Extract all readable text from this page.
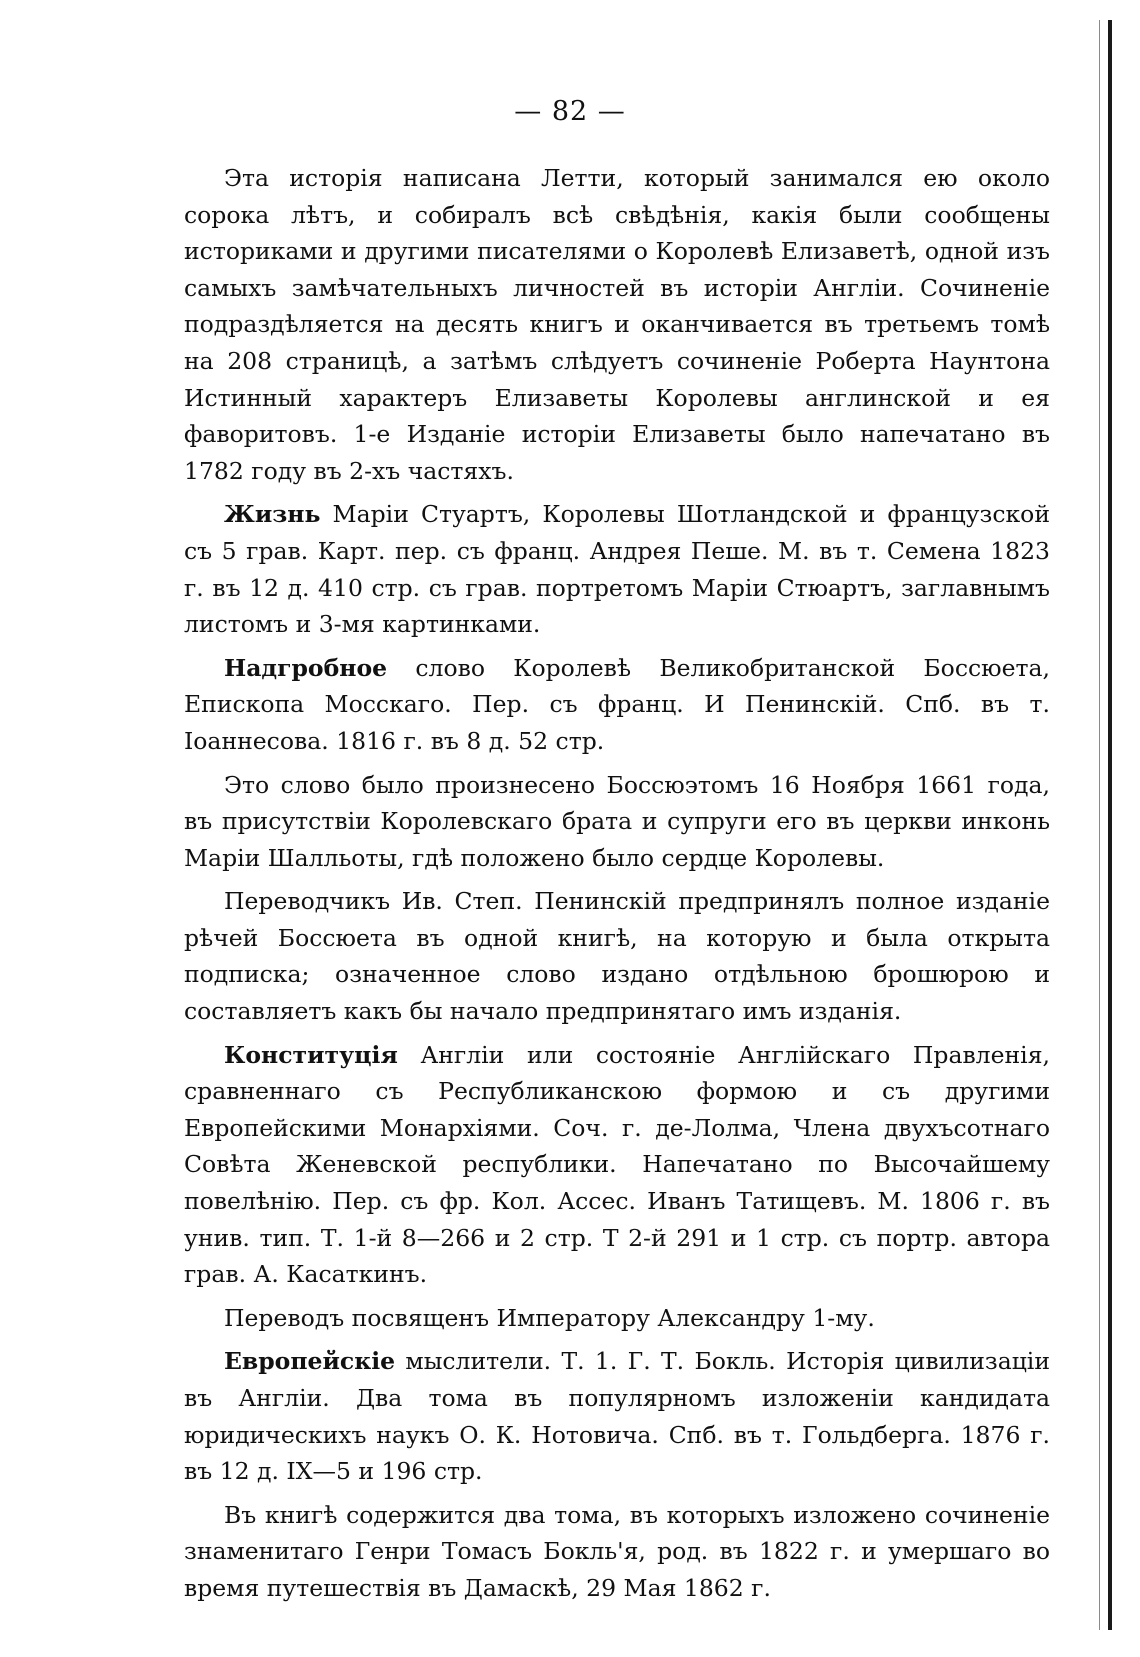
— 82 —

Эта исторія написана Летти, который занимался ею около сорока лѣтъ, и собиралъ всѣ свѣдѣнія, какія были сообщены историками и другими писателями о Королевѣ Елизаветѣ, одной изъ самыхъ замѣчательныхъ личностей въ исторіи Англіи. Сочиненіе подраздѣляется на десять книгъ и оканчивается въ третьемъ томѣ на 208 страницѣ, а затѣмъ слѣдуетъ сочиненіе Роберта Наунтона Истинный характеръ Елизаветы Королевы англинской и ея фаворитовъ. 1-е Изданіе исторіи Елизаветы было напечатано въ 1782 году въ 2-хъ частяхъ.

Жизнь Маріи Стуартъ, Королевы Шотландской и французской съ 5 грав. Карт. пер. съ франц. Андрея Пеше. М. въ т. Семена 1823 г. въ 12 д. 410 стр. съ грав. портретомъ Маріи Стюартъ, заглавнымъ листомъ и 3-мя картинками.

Надгробное слово Королевѣ Великобританской Боссюета, Епископа Мосскаго. Пер. съ франц. И Пенинскій. Спб. въ т. Іоаннесова. 1816 г. въ 8 д. 52 стр.

Это слово было произнесено Боссюэтомъ 16 Ноября 1661 года, въ присутствіи Королевскаго брата и супруги его въ церкви инконь Маріи Шалльоты, гдѣ положено было сердце Королевы.

Переводчикъ Ив. Степ. Пенинскій предпринялъ полное изданіе рѣчей Боссюета въ одной книгѣ, на которую и была открыта подписка; означенное слово издано отдѣльною брошюрою и составляетъ какъ бы начало предпринятаго имъ изданія.

Конституція Англіи или состояніе Англійскаго Правленія, сравненнаго съ Республиканскою формою и съ другими Европейскими Монархіями. Соч. г. де-Лолма, Члена двухъсотнаго Совѣта Женевской республики. Напечатано по Высочайшему повелѣнію. Пер. съ фр. Кол. Ассес. Иванъ Татищевъ. М. 1806 г. въ унив. тип. Т. 1-й 8—266 и 2 стр. Т 2-й 291 и 1 стр. съ портр. автора грав. А. Касаткинъ.

Переводъ посвященъ Императору Александру 1-му.

Европейскіе мыслители. Т. 1. Г. Т. Бокль. Исторія цивилизаціи въ Англіи. Два тома въ популярномъ изложеніи кандидата юридическихъ наукъ О. К. Нотовича. Спб. въ т. Гольдберга. 1876 г. въ 12 д. IX—5 и 196 стр.

Въ книгѣ содержится два тома, въ которыхъ изложено сочиненіе знаменитаго Генри Томасъ Бокль'я, род. въ 1822 г. и умершаго во время путешествія въ Дамаскѣ, 29 Мая 1862 г.
